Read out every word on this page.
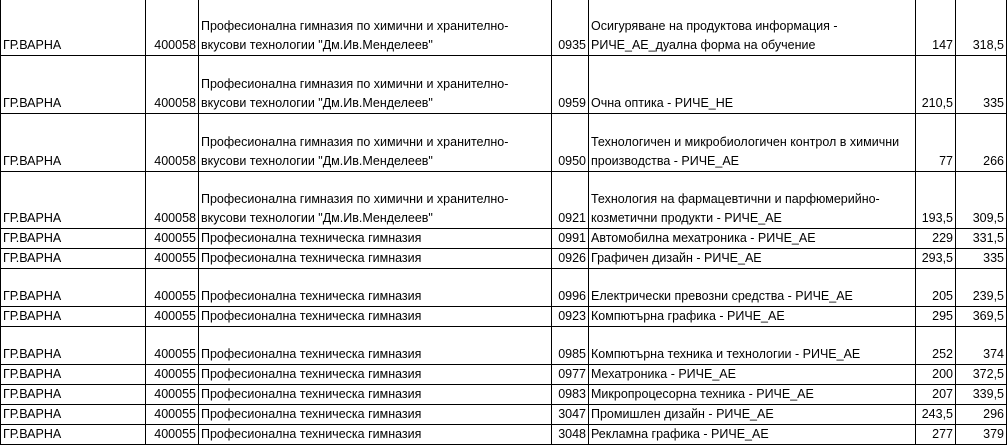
ГР.ВАРНА	400058	Професионална гимназия по химични и хранително-вкусови технологии "Дм.Ив.Менделеев"	0935	Осигуряване на продуктова информация - РИЧЕ_АЕ_дуална форма на обучение	147	318,5
ГР.ВАРНА	400058	Професионална гимназия по химични и хранително-вкусови технологии "Дм.Ив.Менделеев"	0959	Очна оптика - РИЧЕ_НЕ	210,5	335
ГР.ВАРНА	400058	Професионална гимназия по химични и хранително-вкусови технологии "Дм.Ив.Менделеев"	0950	Технологичен и микробиологичен контрол в химични производства - РИЧЕ_АЕ	77	266
ГР.ВАРНА	400058	Професионална гимназия по химични и хранително-вкусови технологии "Дм.Ив.Менделеев"	0921	Технология на фармацевтични и парфюмерийно-козметични продукти - РИЧЕ_АЕ	193,5	309,5
ГР.ВАРНА	400055	Професионална техническа гимназия	0991	Автомобилна мехатроника - РИЧЕ_АЕ	229	331,5
ГР.ВАРНА	400055	Професионална техническа гимназия	0926	Графичен дизайн - РИЧЕ_АЕ	293,5	335
ГР.ВАРНА	400055	Професионална техническа гимназия	0996	Електрически превозни средства - РИЧЕ_АЕ	205	239,5
ГР.ВАРНА	400055	Професионална техническа гимназия	0923	Компютърна графика - РИЧЕ_АЕ	295	369,5
ГР.ВАРНА	400055	Професионална техническа гимназия	0985	Компютърна техника и технологии - РИЧЕ_АЕ	252	374
ГР.ВАРНА	400055	Професионална техническа гимназия	0977	Мехатроника - РИЧЕ_АЕ	200	372,5
ГР.ВАРНА	400055	Професионална техническа гимназия	0983	Микропроцесорна техника - РИЧЕ_АЕ	207	339,5
ГР.ВАРНА	400055	Професионална техническа гимназия	3047	Промишлен дизайн - РИЧЕ_АЕ	243,5	296
ГР.ВАРНА	400055	Професионална техническа гимназия	3048	Рекламна графика - РИЧЕ_АЕ	277	379
